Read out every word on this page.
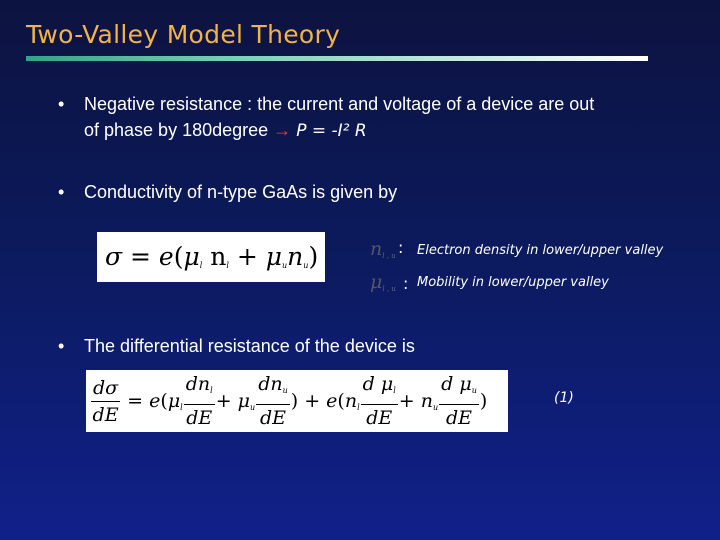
Two-Valley Model Theory
• Negative resistance : the current and voltage of a device are out
of phase by 180degree → P = -I² R
• Conductivity of n-type GaAs is given by
$\sigma = e(\mu_l$ $n_l + \mu_un_u$)	$n_{l , u}$ : Electron density in lower/upper valley
$\mu_{l , u}$ : Mobility in lower/upper valley
• The differential resistance of the device is
$\frac{d\sigma}{dE} = e(\mu_l \frac{dn_l}{dE} + \mu_u \frac{dn_u}{dE}$ ) + $e(n_l \frac{d \mu_l}{dE} + n_u \frac{d \mu_u}{dE}$ )	(1)
